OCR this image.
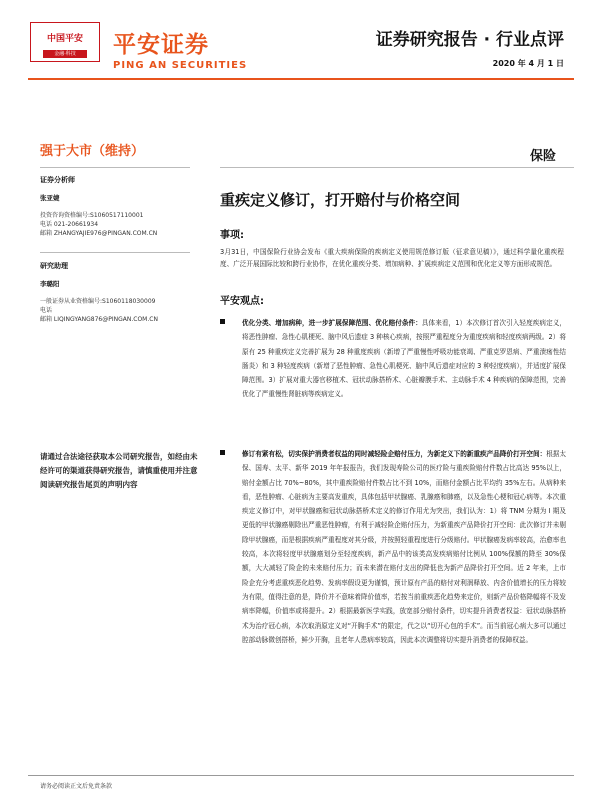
中国平安
金融·科技	平安证券
PING AN SECURITIES
证券研究报告 · 行业点评
2020 年 4 月 1 日
强于大市（维持）	保险
证券分析师
张亚婕
投资咨询资格编号:S1060517110001
电话 021-20661934
邮箱 ZHANGYAJIE976@PINGAN.COM.CN
研究助理
李璐阳
一般证券从业资格编号:S1060118030009
电话
邮箱 LIQINGYANG876@PINGAN.COM.CN
请通过合法途径获取本公司研究报告，如经由未经许可的渠道获得研究报告，请慎重使用并注意阅读研究报告尾页的声明内容
重疾定义修订，打开赔付与价格空间
事项:
3月31日，中国保险行业协会发布《重大疾病保险的疾病定义使用规范修订版（征求意见稿）》，通过科学量化重疾程度、广泛开展国际比较和跨行业协作，在优化重疾分类、增加病种、扩展疾病定义范围和优化定义等方面形成规范。
平安观点:
优化分类、增加病种，进一步扩展保障范围、优化赔付条件：具体来看，1）本次修订首次引入轻度疾病定义，将恶性肿瘤、急性心肌梗死、脑中风后遗症 3 种核心疾病，按照严重程度分为重度疾病和轻度疾病两级。2）将原有 25 种重疾定义完善扩展为 28 种重度疾病（新增了严重慢性呼吸功能衰竭、严重克罗恩病、严重溃疡性结肠炎）和 3 种轻度疾病（新增了恶性肿瘤、急性心肌梗死、脑中风后遗症对应的 3 种轻度疾病），并适度扩展保障范围。3）扩展对重大器官移植术、冠状动脉搭桥术、心脏瓣膜手术、主动脉手术 4 种疾病的保障范围，完善优化了严重慢性肾脏病等疾病定义。
修订有紧有松，切实保护消费者权益的同时减轻险企赔付压力，为新定义下的新重疾产品降价打开空间：根据太保、国寿、太平、新华 2019 年年报报告，我们发现寿险公司的医疗险与重疾险赔付件数占比高达 95%以上，赔付金额占比 70%~80%，其中重疾险赔付件数占比不到 10%，而赔付金额占比平均约 35%左右。从病种来看，恶性肿瘤、心脏病为主要高发重疾，具体包括甲状腺癌、乳腺癌和肺癌，以及急性心梗和冠心病等。本次重疾定义修订中，对甲状腺癌和冠状动脉搭桥术定义的修订作用尤为突出，我们认为：1）将 TNM 分期为 I 期及更低的甲状腺癌剔除出严重恶性肿瘤，有利于减轻险企赔付压力，为新重疾产品降价打开空间：此次修订并未剔除甲状腺癌，而是根据疾病严重程度对其分级，并按照轻重程度进行分级赔付。甲状腺癌发病率较高，治愈率也较高，本次将轻度甲状腺癌划分至轻度疾病，新产品中的该类高发疾病赔付比例从 100%保额的降至 30%保额，大大减轻了险企的未来赔付压力；而未来潜在赔付支出的降低也为新产品降价打开空间。近 2 年来，上市险企充分考虑重疾恶化趋势、发病率假设更为谨慎，预计原有产品的赔付对利润释放、内含价值增长的压力将较为有限，值得注意的是，降价并不意味着降价值率，若按当前重疾恶化趋势来定价，则新产品价格降幅将不及发病率降幅，价值率或将提升。2）根据最新医学实践，放宽部分赔付条件，切实提升消费者权益：冠状动脉搭桥术为治疗冠心病，本次取消原定义对“开胸手术”的限定，代之以“切开心包的手术”。而当前冠心病大多可以通过腔部动脉微创搭桥，鲜少开胸，且老年人患病率较高，因此本次调整将切实提升消费者的保障权益。
请务必阅读正文后免责条款
